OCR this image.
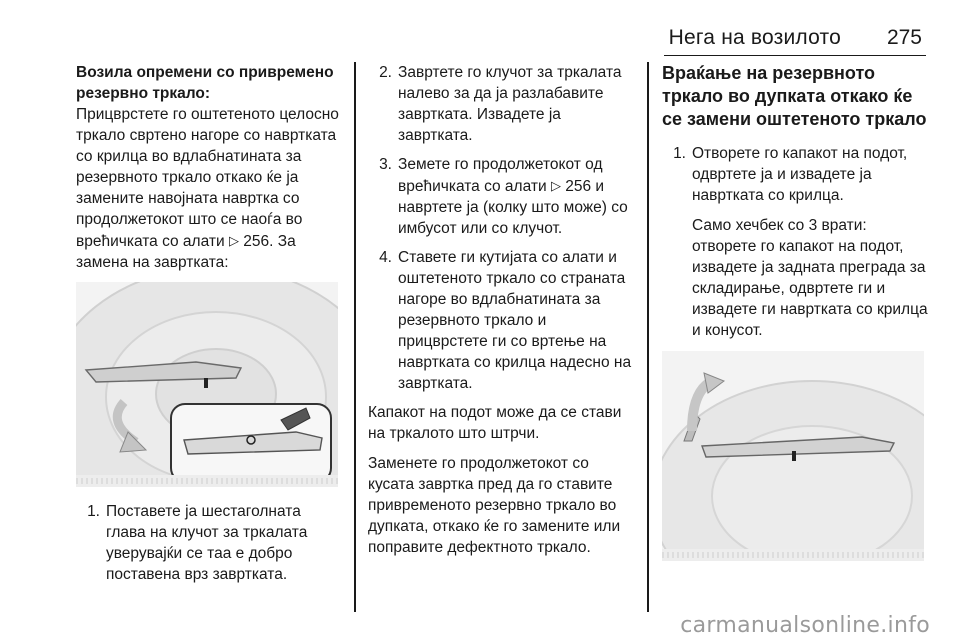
Нега на возилото 275
Возила опремени со привремено резервно тркало:

Прицврстете го оштетеното целосно тркало свртено нагоре со навртката со крилца во вдлабнатината за резервното тркало откако ќе ја замените навојната навртка со продолжетокот што се наоѓа во врећичката со алати ▷ 256. За замена на завртката:

1. Поставете ја шестаголната глава на клучот за тркалата уверувајќи се таа е добро поставена врз завртката.
2. Завртете го клучот за тркалата налево за да ја разлабавите завртката. Извадете ја завртката.
3. Земете го продолжетокот од врећичката со алати ▷ 256 и навртете ја (колку што може) со имбусот или со клучот.
4. Ставете ги кутијата со алати и оштетеното тркало со страната нагоре во вдлабнатината за резервното тркало и прицврстете ги со вртење на навртката со крилца надесно на завртката.

Капакот на подот може да се стави на тркалото што штрчи.

Заменете го продолжетокот со кусата завртка пред да го ставите привременото резервно тркало во дупката, откако ќе го замените или поправите дефектното тркало.

Враќање на резервното тркало во дупката откако ќе се замени оштетеното тркало
1. Отворете го капакот на подот, одвртете ја и извадете ја навртката со крилца.
Само хечбек со 3 врати: отворете го капакот на подот, извадете ја задната преграда за складирање, одвртете ги и извадете ги навртката со крилца и конусот.
carmanualsonline.info
